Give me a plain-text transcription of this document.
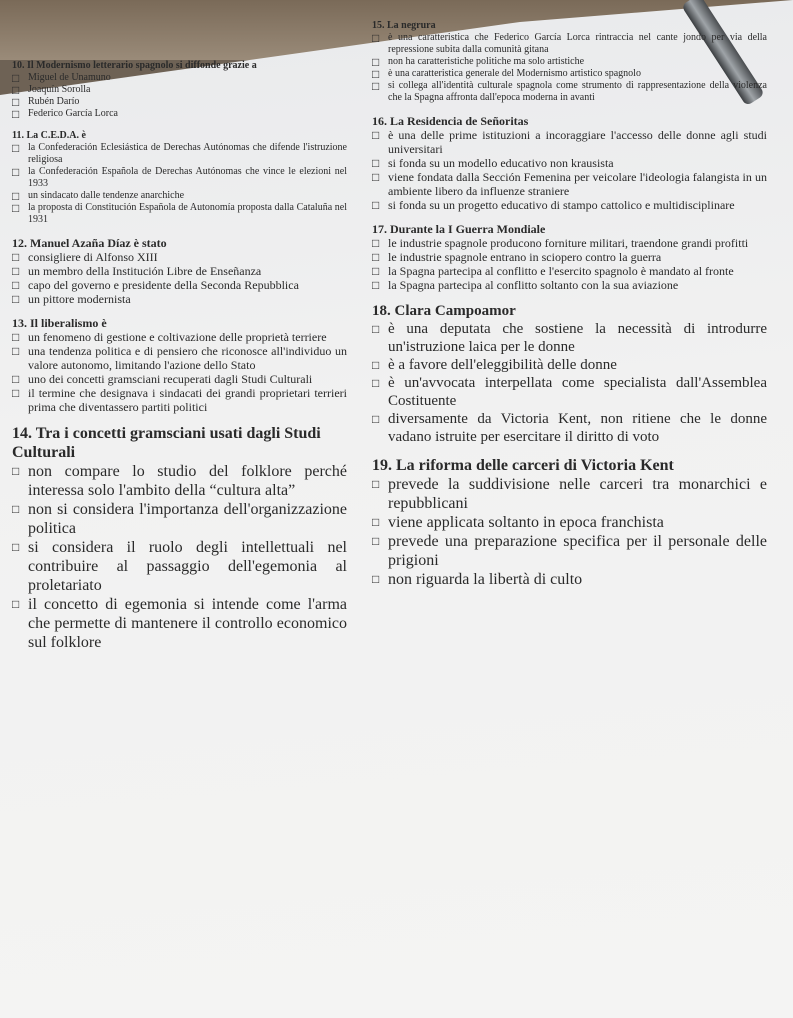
10. Il Modernismo letterario spagnolo si diffonde grazie a
□ Miguel de Unamuno
□ Joaquín Sorolla
□ Rubén Darío
□ Federico García Lorca
11. La C.E.D.A. è
□ la Confederación Eclesiástica de Derechas Autónomas che difende l'istruzione religiosa
□ la Confederación Española de Derechas Autónomas che vince le elezioni nel 1933
□ un sindacato dalle tendenze anarchiche
□ la proposta di Constitución Española de Autonomía proposta dalla Cataluña nel 1931
12. Manuel Azaña Díaz è stato
□ consigliere di Alfonso XIII
□ un membro della Institución Libre de Enseñanza
□ capo del governo e presidente della Seconda Repubblica
□ un pittore modernista
13. Il liberalismo è
□ un fenomeno di gestione e coltivazione delle proprietà terriere
□ una tendenza politica e di pensiero che riconosce all'individuo un valore autonomo, limitando l'azione dello Stato
□ uno dei concetti gramsciani recuperati dagli Studi Culturali
□ il termine che designava i sindacati dei grandi proprietari terrieri prima che diventassero partiti politici
14. Tra i concetti gramsciani usati dagli Studi Culturali
□ non compare lo studio del folklore perché interessa solo l'ambito della “cultura alta”
□ non si considera l'importanza dell'organizzazione politica
□ si considera il ruolo degli intellettuali nel contribuire al passaggio dell'egemonia al proletariato
□ il concetto di egemonia si intende come l'arma che permette di mantenere il controllo economico sul folklore
15. La negrura
□ è una caratteristica che Federico García Lorca rintraccia nel cante jondo per via della repressione subita dalla comunità gitana
□ non ha caratteristiche politiche ma solo artistiche
□ è una caratteristica generale del Modernismo artistico spagnolo
□ si collega all'identità culturale spagnola come strumento di rappresentazione della violenza che la Spagna affronta dall'epoca moderna in avanti
16. La Residencia de Señoritas
□ è una delle prime istituzioni a incoraggiare l'accesso delle donne agli studi universitari
□ si fonda su un modello educativo non krausista
□ viene fondata dalla Sección Femenina per veicolare l'ideologia falangista in un ambiente libero da influenze straniere
□ si fonda su un progetto educativo di stampo cattolico e multidisciplinare
17. Durante la I Guerra Mondiale
□ le industrie spagnole producono forniture militari, traendone grandi profitti
□ le industrie spagnole entrano in sciopero contro la guerra
□ la Spagna partecipa al conflitto e l'esercito spagnolo è mandato al fronte
□ la Spagna partecipa al conflitto soltanto con la sua aviazione
18. Clara Campoamor
□ è una deputata che sostiene la necessità di introdurre un'istruzione laica per le donne
□ è a favore dell'eleggibilità delle donne
□ è un'avvocata interpellata come specialista dall'Assemblea Costituente
□ diversamente da Victoria Kent, non ritiene che le donne vadano istruite per esercitare il diritto di voto
19. La riforma delle carceri di Victoria Kent
□ prevede la suddivisione nelle carceri tra monarchici e repubblicani
□ viene applicata soltanto in epoca franchista
□ prevede una preparazione specifica per il personale delle prigioni
□ non riguarda la libertà di culto
